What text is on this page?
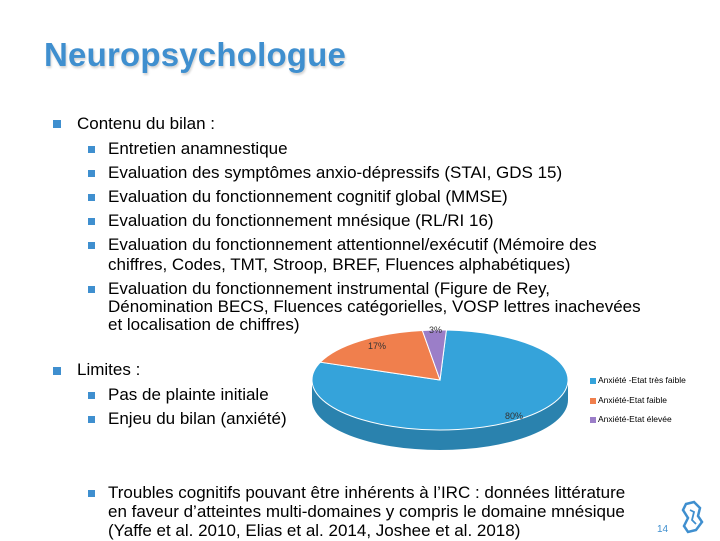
Neuropsychologue
Contenu du bilan :
Entretien anamnestique
Evaluation des symptômes anxio-dépressifs (STAI, GDS 15)
Evaluation du fonctionnement cognitif global (MMSE)
Evaluation du fonctionnement mnésique (RL/RI 16)
Evaluation du fonctionnement attentionnel/exécutif (Mémoire des
chiffres, Codes, TMT, Stroop, BREF, Fluences alphabétiques)
Evaluation du fonctionnement instrumental (Figure de Rey,
Dénomination BECS, Fluences catégorielles, VOSP lettres inachevées
et localisation de chiffres)
Limites :
Pas de plainte initiale
Enjeu du bilan (anxiété)
Troubles cognitifs pouvant être inhérents à l’IRC : données littérature
en faveur d’atteintes multi-domaines y compris le domaine mnésique
(Yaffe et al. 2010, Elias et al. 2014, Joshee et al. 2018)
80%
17%
3%
Anxiété -Etat très faible
Anxiété-Etat faible
Anxiété-Etat élevée
14
